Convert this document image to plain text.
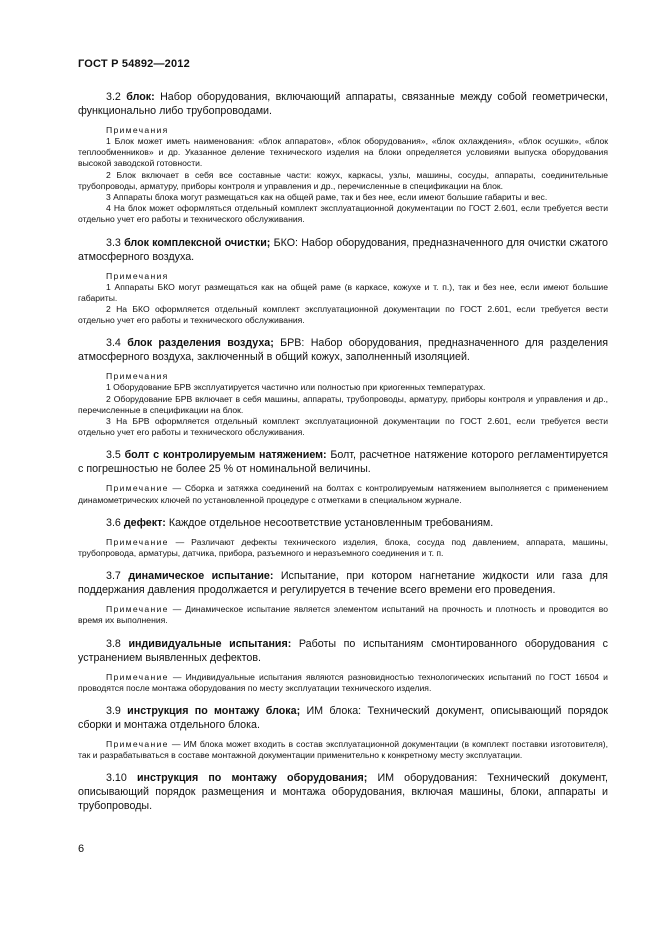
ГОСТ Р 54892—2012

3.2 блок: Набор оборудования, включающий аппараты, связанные между собой геометрически, функционально либо трубопроводами.

Примечания

1 Блок может иметь наименования: «блок аппаратов», «блок оборудования», «блок охлаждения», «блок осушки», «блок теплообменников» и др. Указанное деление технического изделия на блоки определяется условиями выпуска оборудования высокой заводской готовности.

2 Блок включает в себя все составные части: кожух, каркасы, узлы, машины, сосуды, аппараты, соединительные трубопроводы, арматуру, приборы контроля и управления и др., перечисленные в спецификации на блок.

3 Аппараты блока могут размещаться как на общей раме, так и без нее, если имеют большие габариты и вес.

4 На блок может оформляться отдельный комплект эксплуатационной документации по ГОСТ 2.601, если требуется вести отдельно учет его работы и технического обслуживания.

3.3 блок комплексной очистки; БКО: Набор оборудования, предназначенного для очистки сжатого атмосферного воздуха.

Примечания

1 Аппараты БКО могут размещаться как на общей раме (в каркасе, кожухе и т. п.), так и без нее, если имеют большие габариты.

2 На БКО оформляется отдельный комплект эксплуатационной документации по ГОСТ 2.601, если требуется вести отдельно учет его работы и технического обслуживания.

3.4 блок разделения воздуха; БРВ: Набор оборудования, предназначенного для разделения атмосферного воздуха, заключенный в общий кожух, заполненный изоляцией.

Примечания

1 Оборудование БРВ эксплуатируется частично или полностью при криогенных температурах.

2 Оборудование БРВ включает в себя машины, аппараты, трубопроводы, арматуру, приборы контроля и управления и др., перечисленные в спецификации на блок.

3 На БРВ оформляется отдельный комплект эксплуатационной документации по ГОСТ 2.601, если требуется вести отдельно учет его работы и технического обслуживания.

3.5 болт с контролируемым натяжением: Болт, расчетное натяжение которого регламентируется с погрешностью не более 25 % от номинальной величины.

Примечание — Сборка и затяжка соединений на болтах с контролируемым натяжением выполняется с применением динамометрических ключей по установленной процедуре с отметками в специальном журнале.

3.6 дефект: Каждое отдельное несоответствие установленным требованиям.

Примечание — Различают дефекты технического изделия, блока, сосуда под давлением, аппарата, машины, трубопровода, арматуры, датчика, прибора, разъемного и неразъемного соединения и т. п.

3.7 динамическое испытание: Испытание, при котором нагнетание жидкости или газа для поддержания давления продолжается и регулируется в течение всего времени его проведения.

Примечание — Динамическое испытание является элементом испытаний на прочность и плотность и проводится во время их выполнения.

3.8 индивидуальные испытания: Работы по испытаниям смонтированного оборудования с устранением выявленных дефектов.

Примечание — Индивидуальные испытания являются разновидностью технологических испытаний по ГОСТ 16504 и проводятся после монтажа оборудования по месту эксплуатации технического изделия.

3.9 инструкция по монтажу блока; ИМ блока: Технический документ, описывающий порядок сборки и монтажа отдельного блока.

Примечание — ИМ блока может входить в состав эксплуатационной документации (в комплект поставки изготовителя), так и разрабатываться в составе монтажной документации применительно к конкретному месту эксплуатации.

3.10 инструкция по монтажу оборудования; ИМ оборудования: Технический документ, описывающий порядок размещения и монтажа оборудования, включая машины, блоки, аппараты и трубопроводы.

6
